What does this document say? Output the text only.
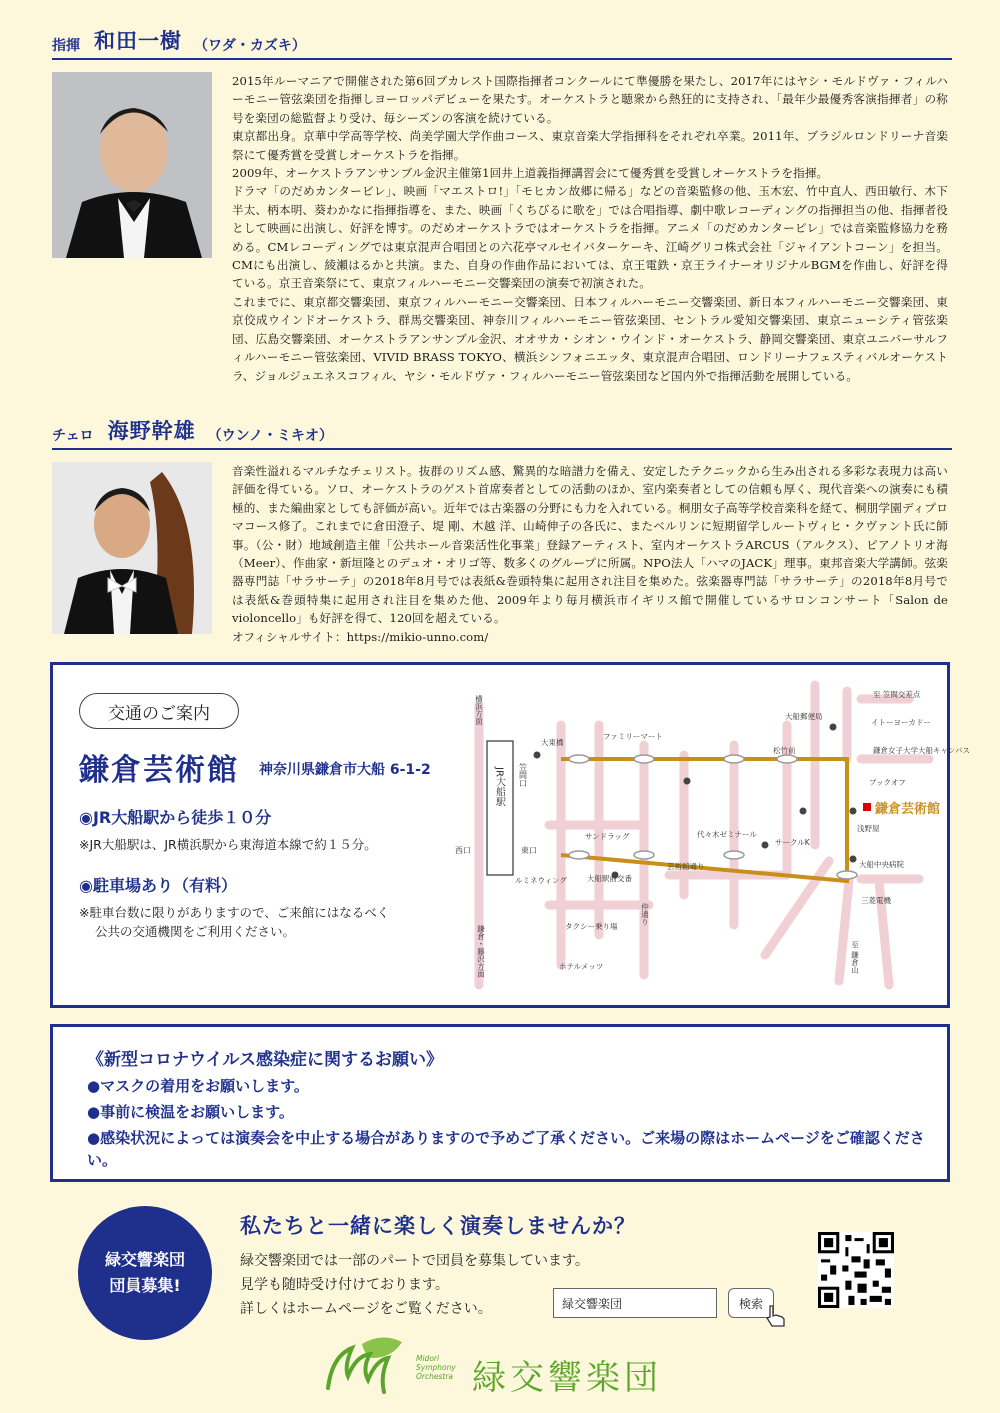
指揮 和田一樹 （ワダ・カズキ）

2015年ルーマニアで開催された第6回ブカレスト国際指揮者コンクールにて準優勝を果たし、2017年にはヤシ・モルドヴァ・フィルハーモニー管弦楽団を指揮しヨーロッパデビューを果たす。オーケストラと聴衆から熱狂的に支持され、「最年少最優秀客演指揮者」の称号を楽団の総監督より受け、毎シーズンの客演を続けている。

東京都出身。京華中学高等学校、尚美学園大学作曲コース、東京音楽大学指揮科をそれぞれ卒業。2011年、ブラジルロンドリーナ音楽祭にて優秀賞を受賞しオーケストラを指揮。

2009年、オーケストラアンサンブル金沢主催第1回井上道義指揮講習会にて優秀賞を受賞しオーケストラを指揮。

ドラマ「のだめカンタービレ」、映画「マエストロ!」「モヒカン故郷に帰る」などの音楽監修の他、玉木宏、竹中直人、西田敏行、木下半太、柄本明、葵わかなに指揮指導を、また、映画「くちびるに歌を」では合唱指導、劇中歌レコーディングの指揮担当の他、指揮者役として映画に出演し、好評を博す。のだめオーケストラではオーケストラを指揮。アニメ「のだめカンタービレ」では音楽監修協力を務める。CMレコーディングでは東京混声合唱団との六花亭マルセイバターケーキ、江崎グリコ株式会社「ジャイアントコーン」を担当。CMにも出演し、綾瀬はるかと共演。また、自身の作曲作品においては、京王電鉄・京王ライナーオリジナルBGMを作曲し、好評を得ている。京王音楽祭にて、東京フィルハーモニー交響楽団の演奏で初演された。

これまでに、東京都交響楽団、東京フィルハーモニー交響楽団、日本フィルハーモニー交響楽団、新日本フィルハーモニー交響楽団、東京佼成ウインドオーケストラ、群馬交響楽団、神奈川フィルハーモニー管弦楽団、セントラル愛知交響楽団、東京ニューシティ管弦楽団、広島交響楽団、オーケストラアンサンブル金沢、オオサカ・シオン・ウインド・オーケストラ、静岡交響楽団、東京ユニバーサルフィルハーモニー管弦楽団、VIVID BRASS TOKYO、横浜シンフォニエッタ、東京混声合唱団、ロンドリーナフェスティバルオーケストラ、ジョルジュエネスコフィル、ヤシ・モルドヴァ・フィルハーモニー管弦楽団など国内外で指揮活動を展開している。

チェロ 海野幹雄 （ウンノ・ミキオ）

音楽性溢れるマルチなチェリスト。抜群のリズム感、驚異的な暗譜力を備え、安定したテクニックから生み出される多彩な表現力は高い評価を得ている。ソロ、オーケストラのゲスト首席奏者としての活動のほか、室内楽奏者としての信頼も厚く、現代音楽への演奏にも積極的、また編曲家としても評価が高い。近年では古楽器の分野にも力を入れている。桐朋女子高等学校音楽科を経て、桐朋学園ディプロマコース修了。これまでに倉田澄子、堤 剛、木越 洋、山崎伸子の各氏に、またベルリンに短期留学しルートヴィヒ・クヴァント氏に師事。（公・財）地域創造主催「公共ホール音楽活性化事業」登録アーティスト、室内オーケストラARCUS（アルクス）、ピアノトリオ海（Meer）、作曲家・新垣隆とのデュオ・オリゴ等、数多くのグループに所属。NPO法人「ハマのJACK」理事。東邦音楽大学講師。弦楽器専門誌「サラサーテ」の2018年8月号では表紙&巻頭特集に起用され注目を集めた。弦楽器専門誌「サラサーテ」の2018年8月号では表紙&巻頭特集に起用され注目を集めた他、2009年より毎月横浜市イギリス館で開催しているサロンコンサート「Salon de violoncello」も好評を得て、120回を超えている。

オフィシャルサイト：https://mikio-unno.com/

交通のご案内
鎌倉芸術館 神奈川県鎌倉市大船 6-1-2
◉JR大船駅から徒歩１０分
※JR大船駅は、JR横浜駅から東海道本線で約１５分。
◉駐車場あり（有料）
※駐車台数に限りがありますので、ご来館にはなるべく
公共の交通機関をご利用ください。
JR大船駅
横浜方面
笠間口
西口	東口
ルミネウィング
鎌倉・藤沢方面
大東橋
ファミリーマート
大船郵便局
松竹前
至 笠間交差点
イトーヨーカドー
鎌倉女子大学大船キャンパス
ブックオフ
鎌倉芸術館
浅野屋
サンドラッグ	代々木ゼミナール
サークルK
芸術館通り
大船駅前交番
大船中央病院
三菱電機
タクシー乗り場
仲通り
ホテルメッツ	至 鎌倉山
《新型コロナウイルス感染症に関するお願い》
●マスクの着用をお願いします。
●事前に検温をお願いします。
●感染状況によっては演奏会を中止する場合がありますので予めご了承ください。ご来場の際はホームページをご確認ください。
緑交響楽団
団員募集!
私たちと一緒に楽しく演奏しませんか？
緑交響楽団では一部のパートで団員を募集しています。
見学も随時受け付けております。
詳しくはホームページをご覧ください。	緑交響楽団	検索
Midori
Symphony
Orchestra 緑交響楽団
